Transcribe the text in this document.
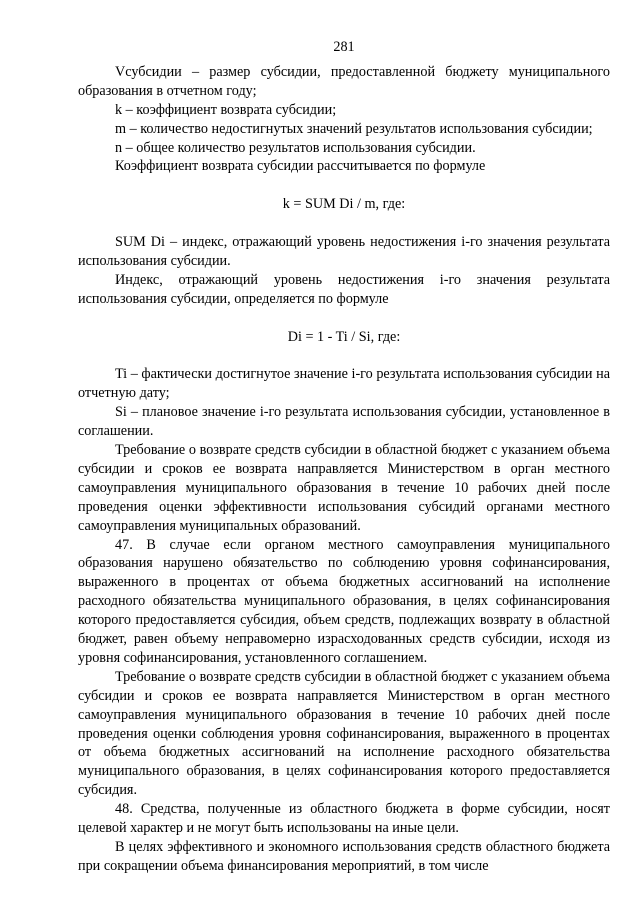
281

Vсубсидии – размер субсидии, предоставленной бюджету муниципального образования в отчетном году;

k – коэффициент возврата субсидии;

m – количество недостигнутых значений результатов использования субсидии;

n – общее количество результатов использования субсидии.

Коэффициент возврата субсидии рассчитывается по формуле

k = SUM Di / m, где:

SUM Di – индекс, отражающий уровень недостижения i-го значения результата использования субсидии.

Индекс, отражающий уровень недостижения i-го значения результата использования субсидии, определяется по формуле

Di = 1 - Ti / Si, где:

Ti – фактически достигнутое значение i-го результата использования субсидии на отчетную дату;

Si – плановое значение i-го результата использования субсидии, установленное в соглашении.

Требование о возврате средств субсидии в областной бюджет с указанием объема субсидии и сроков ее возврата направляется Министерством в орган местного самоуправления муниципального образования в течение 10 рабочих дней после проведения оценки эффективности использования субсидий органами местного самоуправления муниципальных образований.

47. В случае если органом местного самоуправления муниципального образования нарушено обязательство по соблюдению уровня софинансирования, выраженного в процентах от объема бюджетных ассигнований на исполнение расходного обязательства муниципального образования, в целях софинансирования которого предоставляется субсидия, объем средств, подлежащих возврату в областной бюджет, равен объему неправомерно израсходованных средств субсидии, исходя из уровня софинансирования, установленного соглашением.

Требование о возврате средств субсидии в областной бюджет с указанием объема субсидии и сроков ее возврата направляется Министерством в орган местного самоуправления муниципального образования в течение 10 рабочих дней после проведения оценки соблюдения уровня софинансирования, выраженного в процентах от объема бюджетных ассигнований на исполнение расходного обязательства муниципального образования, в целях софинансирования которого предоставляется субсидия.

48. Средства, полученные из областного бюджета в форме субсидии, носят целевой характер и не могут быть использованы на иные цели.

В целях эффективного и экономного использования средств областного бюджета при сокращении объема финансирования мероприятий, в том числе
